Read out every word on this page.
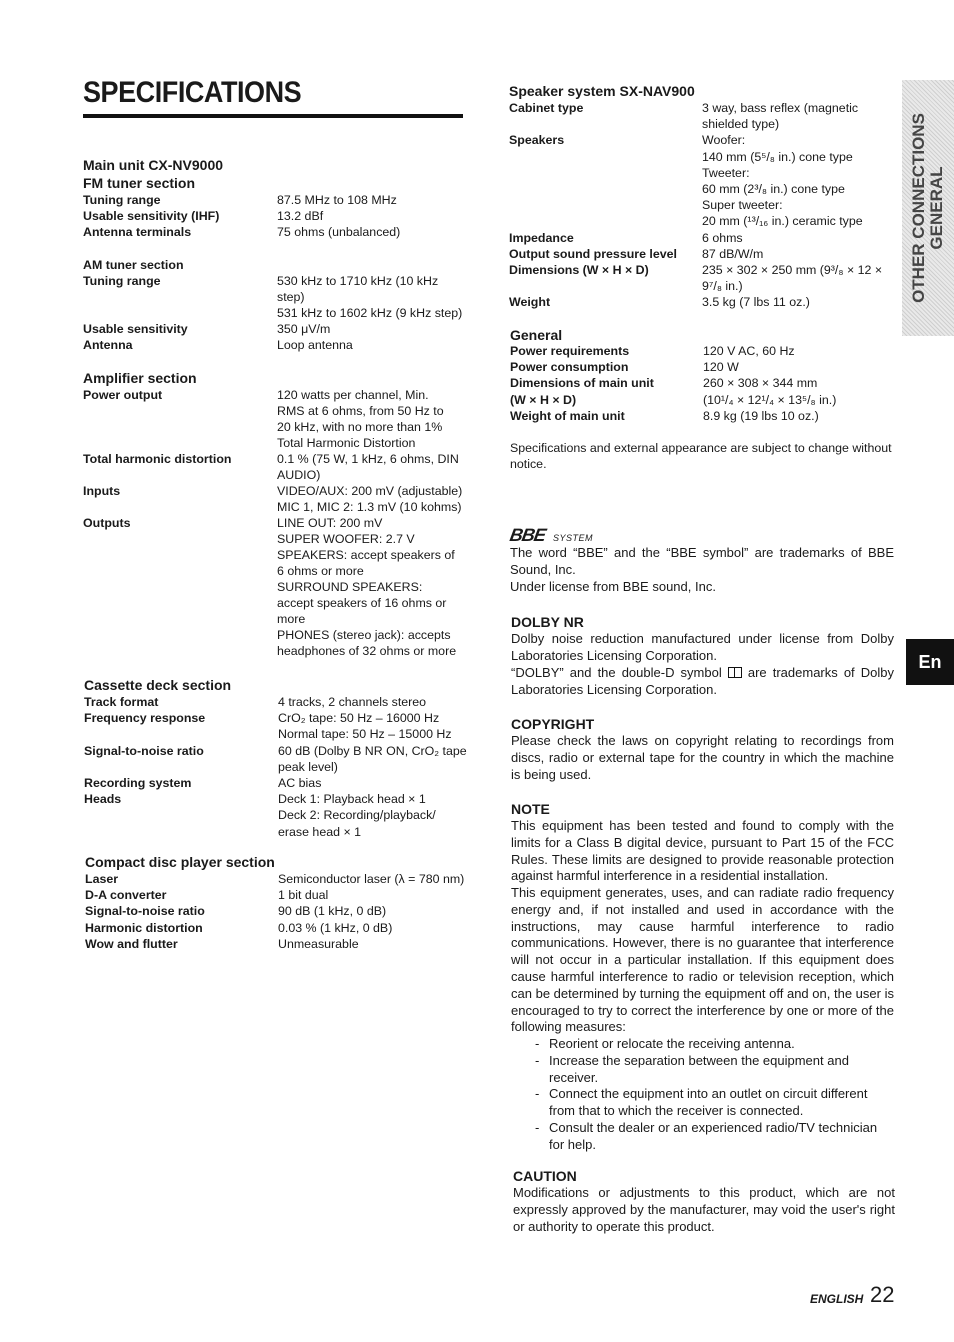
SPECIFICATIONS
Main unit CX-NV9000
FM tuner section
Tuning range	87.5 MHz to 108 MHz
Usable sensitivity (IHF)	13.2 dBf
Antenna terminals	75 ohms (unbalanced)
AM tuner section
Tuning range	530 kHz to 1710 kHz (10 kHz
step)
531 kHz to 1602 kHz (9 kHz step)
Usable sensitivity	350 μV/m
Antenna	Loop antenna
Amplifier section
Power output	120 watts per channel, Min.
RMS at 6 ohms, from 50 Hz to
20 kHz, with no more than 1%
Total Harmonic Distortion
Total harmonic distortion	0.1 % (75 W, 1 kHz, 6 ohms, DIN
AUDIO)
Inputs	VIDEO/AUX: 200 mV (adjustable)
MIC 1, MIC 2: 1.3 mV (10 kohms)
Outputs	LINE OUT: 200 mV
SUPER WOOFER: 2.7 V
SPEAKERS: accept speakers of
6 ohms or more
SURROUND SPEAKERS:
accept speakers of 16 ohms or
more
PHONES (stereo jack): accepts
headphones of 32 ohms or more
Cassette deck section
Track format	4 tracks, 2 channels stereo
Frequency response	CrO₂ tape: 50 Hz – 16000 Hz
Normal tape: 50 Hz – 15000 Hz
Signal-to-noise ratio	60 dB (Dolby B NR ON, CrO₂ tape
peak level)
Recording system	AC bias
Heads	Deck 1: Playback head × 1
Deck 2: Recording/playback/
erase head × 1
Compact disc player section
Laser	Semiconductor laser (λ = 780 nm)
D-A converter	1 bit dual
Signal-to-noise ratio	90 dB (1 kHz, 0 dB)
Harmonic distortion	0.03 % (1 kHz, 0 dB)
Wow and flutter	Unmeasurable
Speaker system SX-NAV900
Cabinet type	3 way, bass reflex (magnetic
shielded type)
Speakers	Woofer:
140 mm (5⁵/₈ in.) cone type
Tweeter:
60 mm (2³/₈ in.) cone type
Super tweeter:
20 mm (¹³/₁₆ in.) ceramic type
Impedance	6 ohms
Output sound pressure level	87 dB/W/m
Dimensions (W × H × D)	235 × 302 × 250 mm (9³/₈ × 12 ×
9⁷/₈ in.)
Weight	3.5 kg (7 lbs 11 oz.)
General
Power requirements	120 V AC, 60 Hz
Power consumption	120 W
Dimensions of main unit	260 × 308 × 344 mm
(W × H × D)	(10¹/₄ × 12¹/₄ × 13⁵/₈ in.)
Weight of main unit	8.9 kg (19 lbs 10 oz.)
Specifications and external appearance are subject to change without notice.
BBE SYSTEM
The word “BBE” and the “BBE symbol” are trademarks of BBE Sound, Inc.
Under license from BBE sound, Inc.
DOLBY NR
Dolby noise reduction manufactured under license from Dolby Laboratories Licensing Corporation.
“DOLBY” and the double-D symbol are trademarks of Dolby Laboratories Licensing Corporation.
COPYRIGHT
Please check the laws on copyright relating to recordings from discs, radio or external tape for the country in which the machine is being used.
NOTE
This equipment has been tested and found to comply with the limits for a Class B digital device, pursuant to Part 15 of the FCC Rules. These limits are designed to provide reasonable protection against harmful interference in a residential installation.
This equipment generates, uses, and can radiate radio frequency energy and, if not installed and used in accordance with the instructions, may cause harmful interference to radio communications. However, there is no guarantee that interference will not occur in a particular installation. If this equipment does cause harmful interference to radio or television reception, which can be determined by turning the equipment off and on, the user is encouraged to try to correct the interference by one or more of the following measures:
- Reorient or relocate the receiving antenna.
- Increase the separation between the equipment and receiver.
- Connect the equipment into an outlet on circuit different from that to which the receiver is connected.
- Consult the dealer or an experienced radio/TV technician for help.
CAUTION
Modifications or adjustments to this product, which are not expressly approved by the manufacturer, may void the user's right or authority to operate this product.
OTHER CONNECTIONS GENERAL
En
ENGLISH 22
